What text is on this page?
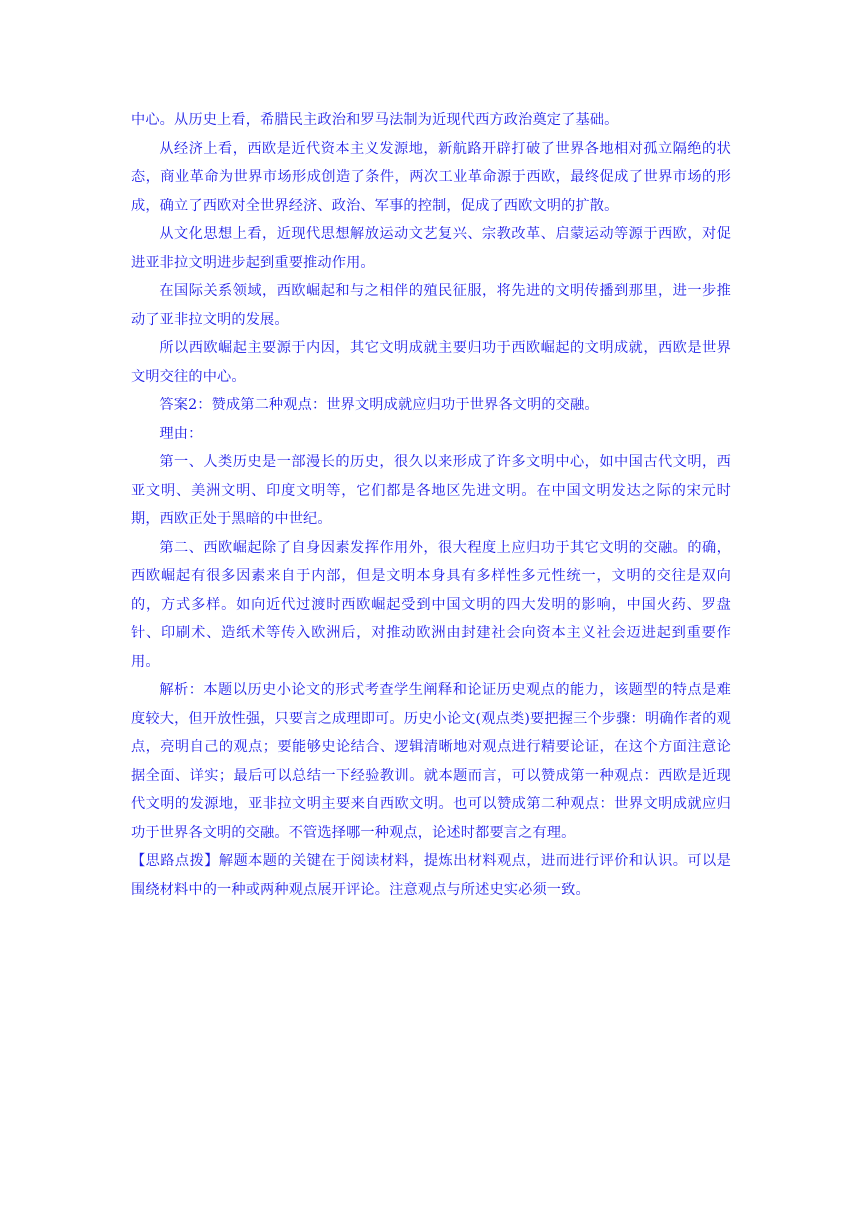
中心。从历史上看，希腊民主政治和罗马法制为近现代西方政治奠定了基础。

从经济上看，西欧是近代资本主义发源地，新航路开辟打破了世界各地相对孤立隔绝的状态，商业革命为世界市场形成创造了条件，两次工业革命源于西欧，最终促成了世界市场的形成，确立了西欧对全世界经济、政治、军事的控制，促成了西欧文明的扩散。

从文化思想上看，近现代思想解放运动文艺复兴、宗教改革、启蒙运动等源于西欧，对促进亚非拉文明进步起到重要推动作用。

在国际关系领域，西欧崛起和与之相伴的殖民征服，将先进的文明传播到那里，进一步推动了亚非拉文明的发展。

所以西欧崛起主要源于内因，其它文明成就主要归功于西欧崛起的文明成就，西欧是世界文明交往的中心。

答案2：赞成第二种观点：世界文明成就应归功于世界各文明的交融。

理由：

第一、人类历史是一部漫长的历史，很久以来形成了许多文明中心，如中国古代文明，西亚文明、美洲文明、印度文明等，它们都是各地区先进文明。在中国文明发达之际的宋元时期，西欧正处于黑暗的中世纪。

第二、西欧崛起除了自身因素发挥作用外，很大程度上应归功于其它文明的交融。的确，西欧崛起有很多因素来自于内部，但是文明本身具有多样性多元性统一，文明的交往是双向的，方式多样。如向近代过渡时西欧崛起受到中国文明的四大发明的影响，中国火药、罗盘针、印刷术、造纸术等传入欧洲后，对推动欧洲由封建社会向资本主义社会迈进起到重要作用。

解析：本题以历史小论文的形式考查学生阐释和论证历史观点的能力，该题型的特点是难度较大，但开放性强，只要言之成理即可。历史小论文(观点类)要把握三个步骤：明确作者的观点，亮明自己的观点；要能够史论结合、逻辑清晰地对观点进行精要论证，在这个方面注意论据全面、详实；最后可以总结一下经验教训。就本题而言，可以赞成第一种观点：西欧是近现代文明的发源地，亚非拉文明主要来自西欧文明。也可以赞成第二种观点：世界文明成就应归功于世界各文明的交融。不管选择哪一种观点，论述时都要言之有理。

【思路点拨】解题本题的关键在于阅读材料，提炼出材料观点，进而进行评价和认识。可以是围绕材料中的一种或两种观点展开评论。注意观点与所述史实必须一致。
